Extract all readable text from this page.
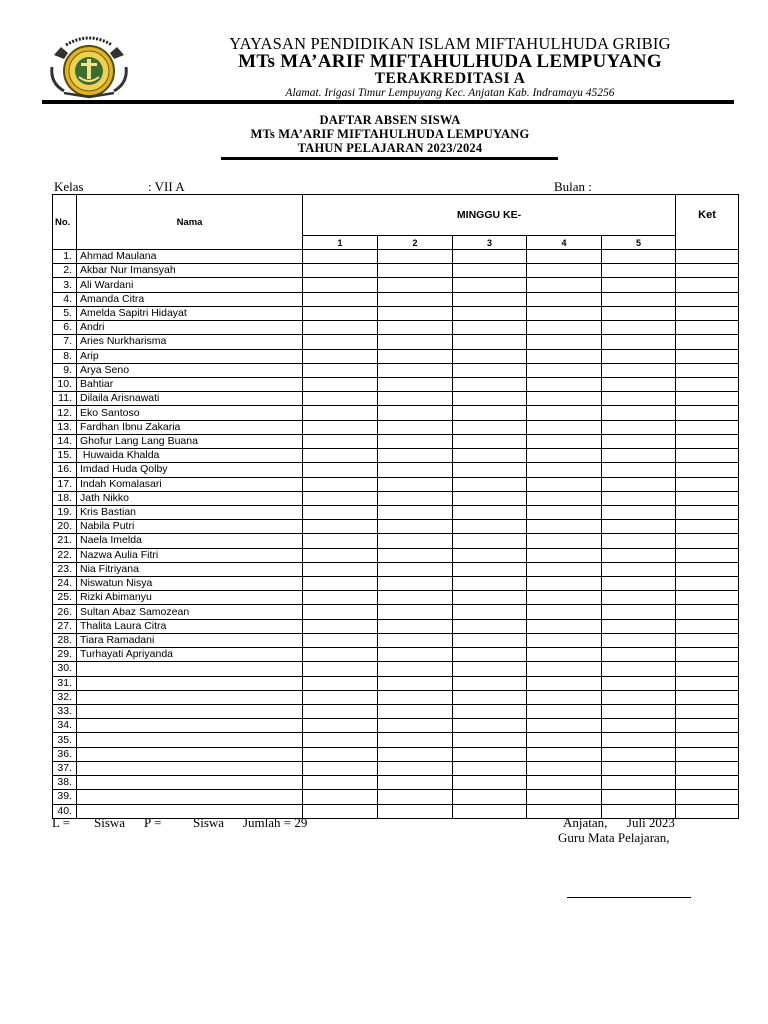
YAYASAN PENDIDIKAN ISLAM MIFTAHULHUDA GRIBIG
MTs MA’ARIF MIFTAHULHUDA LEMPUYANG
TERAKREDITASI A
Alamat. Irigasi Timur Lempuyang Kec. Anjatan Kab. Indramayu 45256
DAFTAR ABSEN SISWA
MTs MA’ARIF MIFTAHULHUDA LEMPUYANG
TAHUN PELAJARAN 2023/2024
Kelas	: VII A	Bulan :
No.	Nama	MINGGU KE-					Ket
		1	2	3	4	5	
1.	Ahmad Maulana						
2.	Akbar Nur Imansyah						
3.	Ali Wardani						
4.	Amanda Citra						
5.	Amelda Sapitri Hidayat						
6.	Andri						
7.	Aries Nurkharisma						
8.	Arip						
9.	Arya Seno						
10.	Bahtiar						
11.	Dilaila Arisnawati						
12.	Eko Santoso						
13.	Fardhan Ibnu Zakaria						
14.	Ghofur Lang Lang Buana						
15.	Huwaida Khalda						
16.	Imdad Huda Qolby						
17.	Indah Komalasari						
18.	Jath Nikko						
19.	Kris Bastian						
20.	Nabila Putri						
21.	Naela Imelda						
22.	Nazwa Aulia Fitri						
23.	Nia Fitriyana						
24.	Niswatun Nisya						
25.	Rizki Abimanyu						
26.	Sultan Abaz Samozean						
27.	Thalita Laura Citra						
28.	Tiara Ramadani						
29.	Turhayati Apriyanda						
30.							
31.							
32.							
33.							
34.							
35.							
36.							
37.							
38.							
39.							
40.							
L = Siswa P = Siswa Jumlah = 29	Anjatan,      Juli 2023
Guru Mata Pelajaran,
